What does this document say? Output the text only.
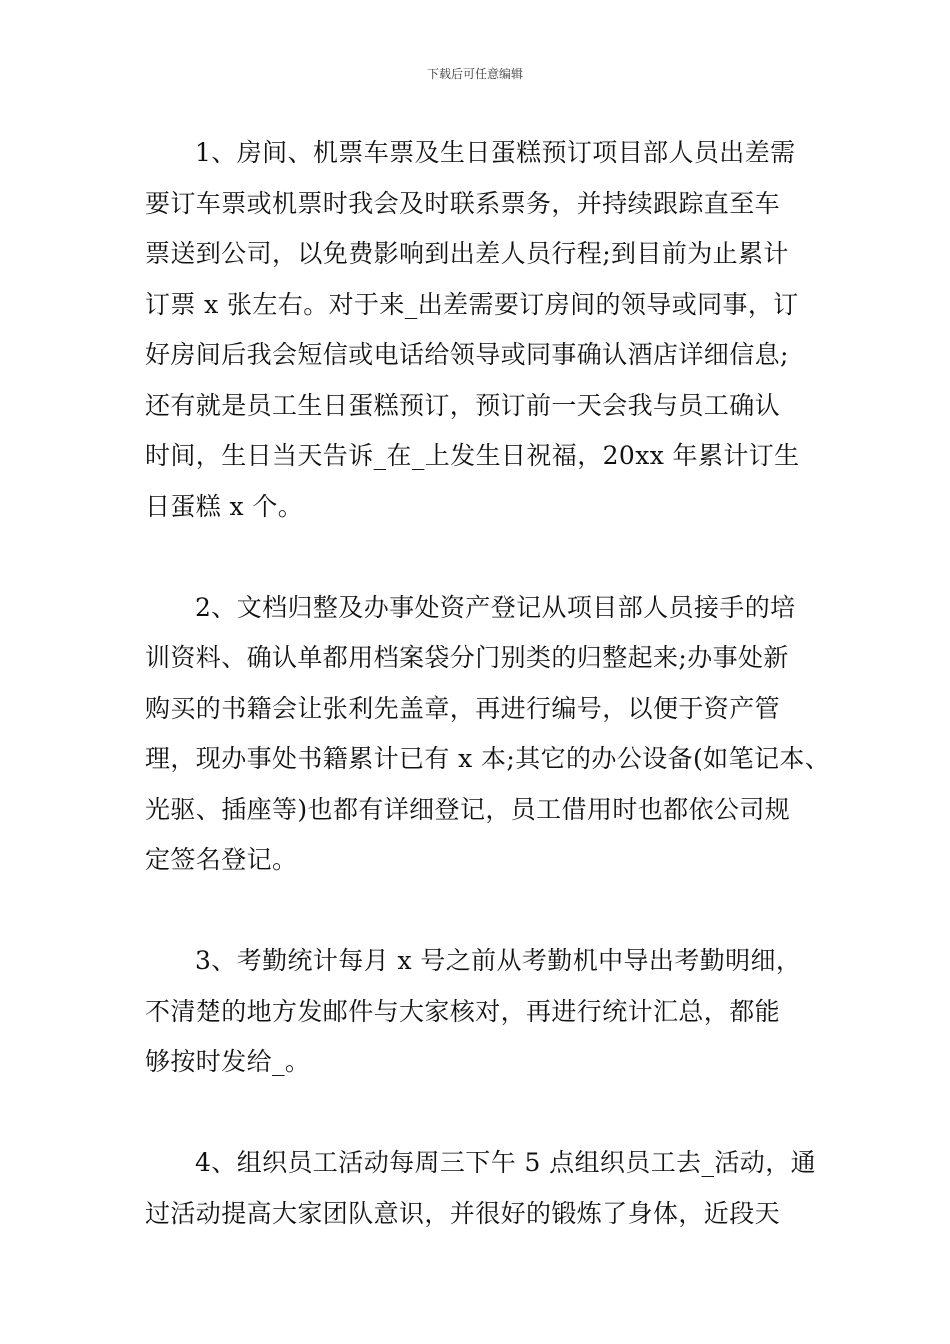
下载后可任意编辑
1、房间、机票车票及生日蛋糕预订项目部人员出差需
要订车票或机票时我会及时联系票务，并持续跟踪直至车
票送到公司，以免费影响到出差人员行程;到目前为止累计
订票 x 张左右。对于来_出差需要订房间的领导或同事，订
好房间后我会短信或电话给领导或同事确认酒店详细信息;
还有就是员工生日蛋糕预订，预订前一天会我与员工确认
时间，生日当天告诉_在_上发生日祝福，20xx 年累计订生
日蛋糕 x 个。
2、文档归整及办事处资产登记从项目部人员接手的培
训资料、确认单都用档案袋分门别类的归整起来;办事处新
购买的书籍会让张利先盖章，再进行编号，以便于资产管
理，现办事处书籍累计已有 x 本;其它的办公设备(如笔记本、
光驱、插座等)也都有详细登记，员工借用时也都依公司规
定签名登记。
3、考勤统计每月 x 号之前从考勤机中导出考勤明细，
不清楚的地方发邮件与大家核对，再进行统计汇总，都能
够按时发给_。
4、组织员工活动每周三下午 5 点组织员工去_活动，通
过活动提高大家团队意识，并很好的锻炼了身体，近段天
